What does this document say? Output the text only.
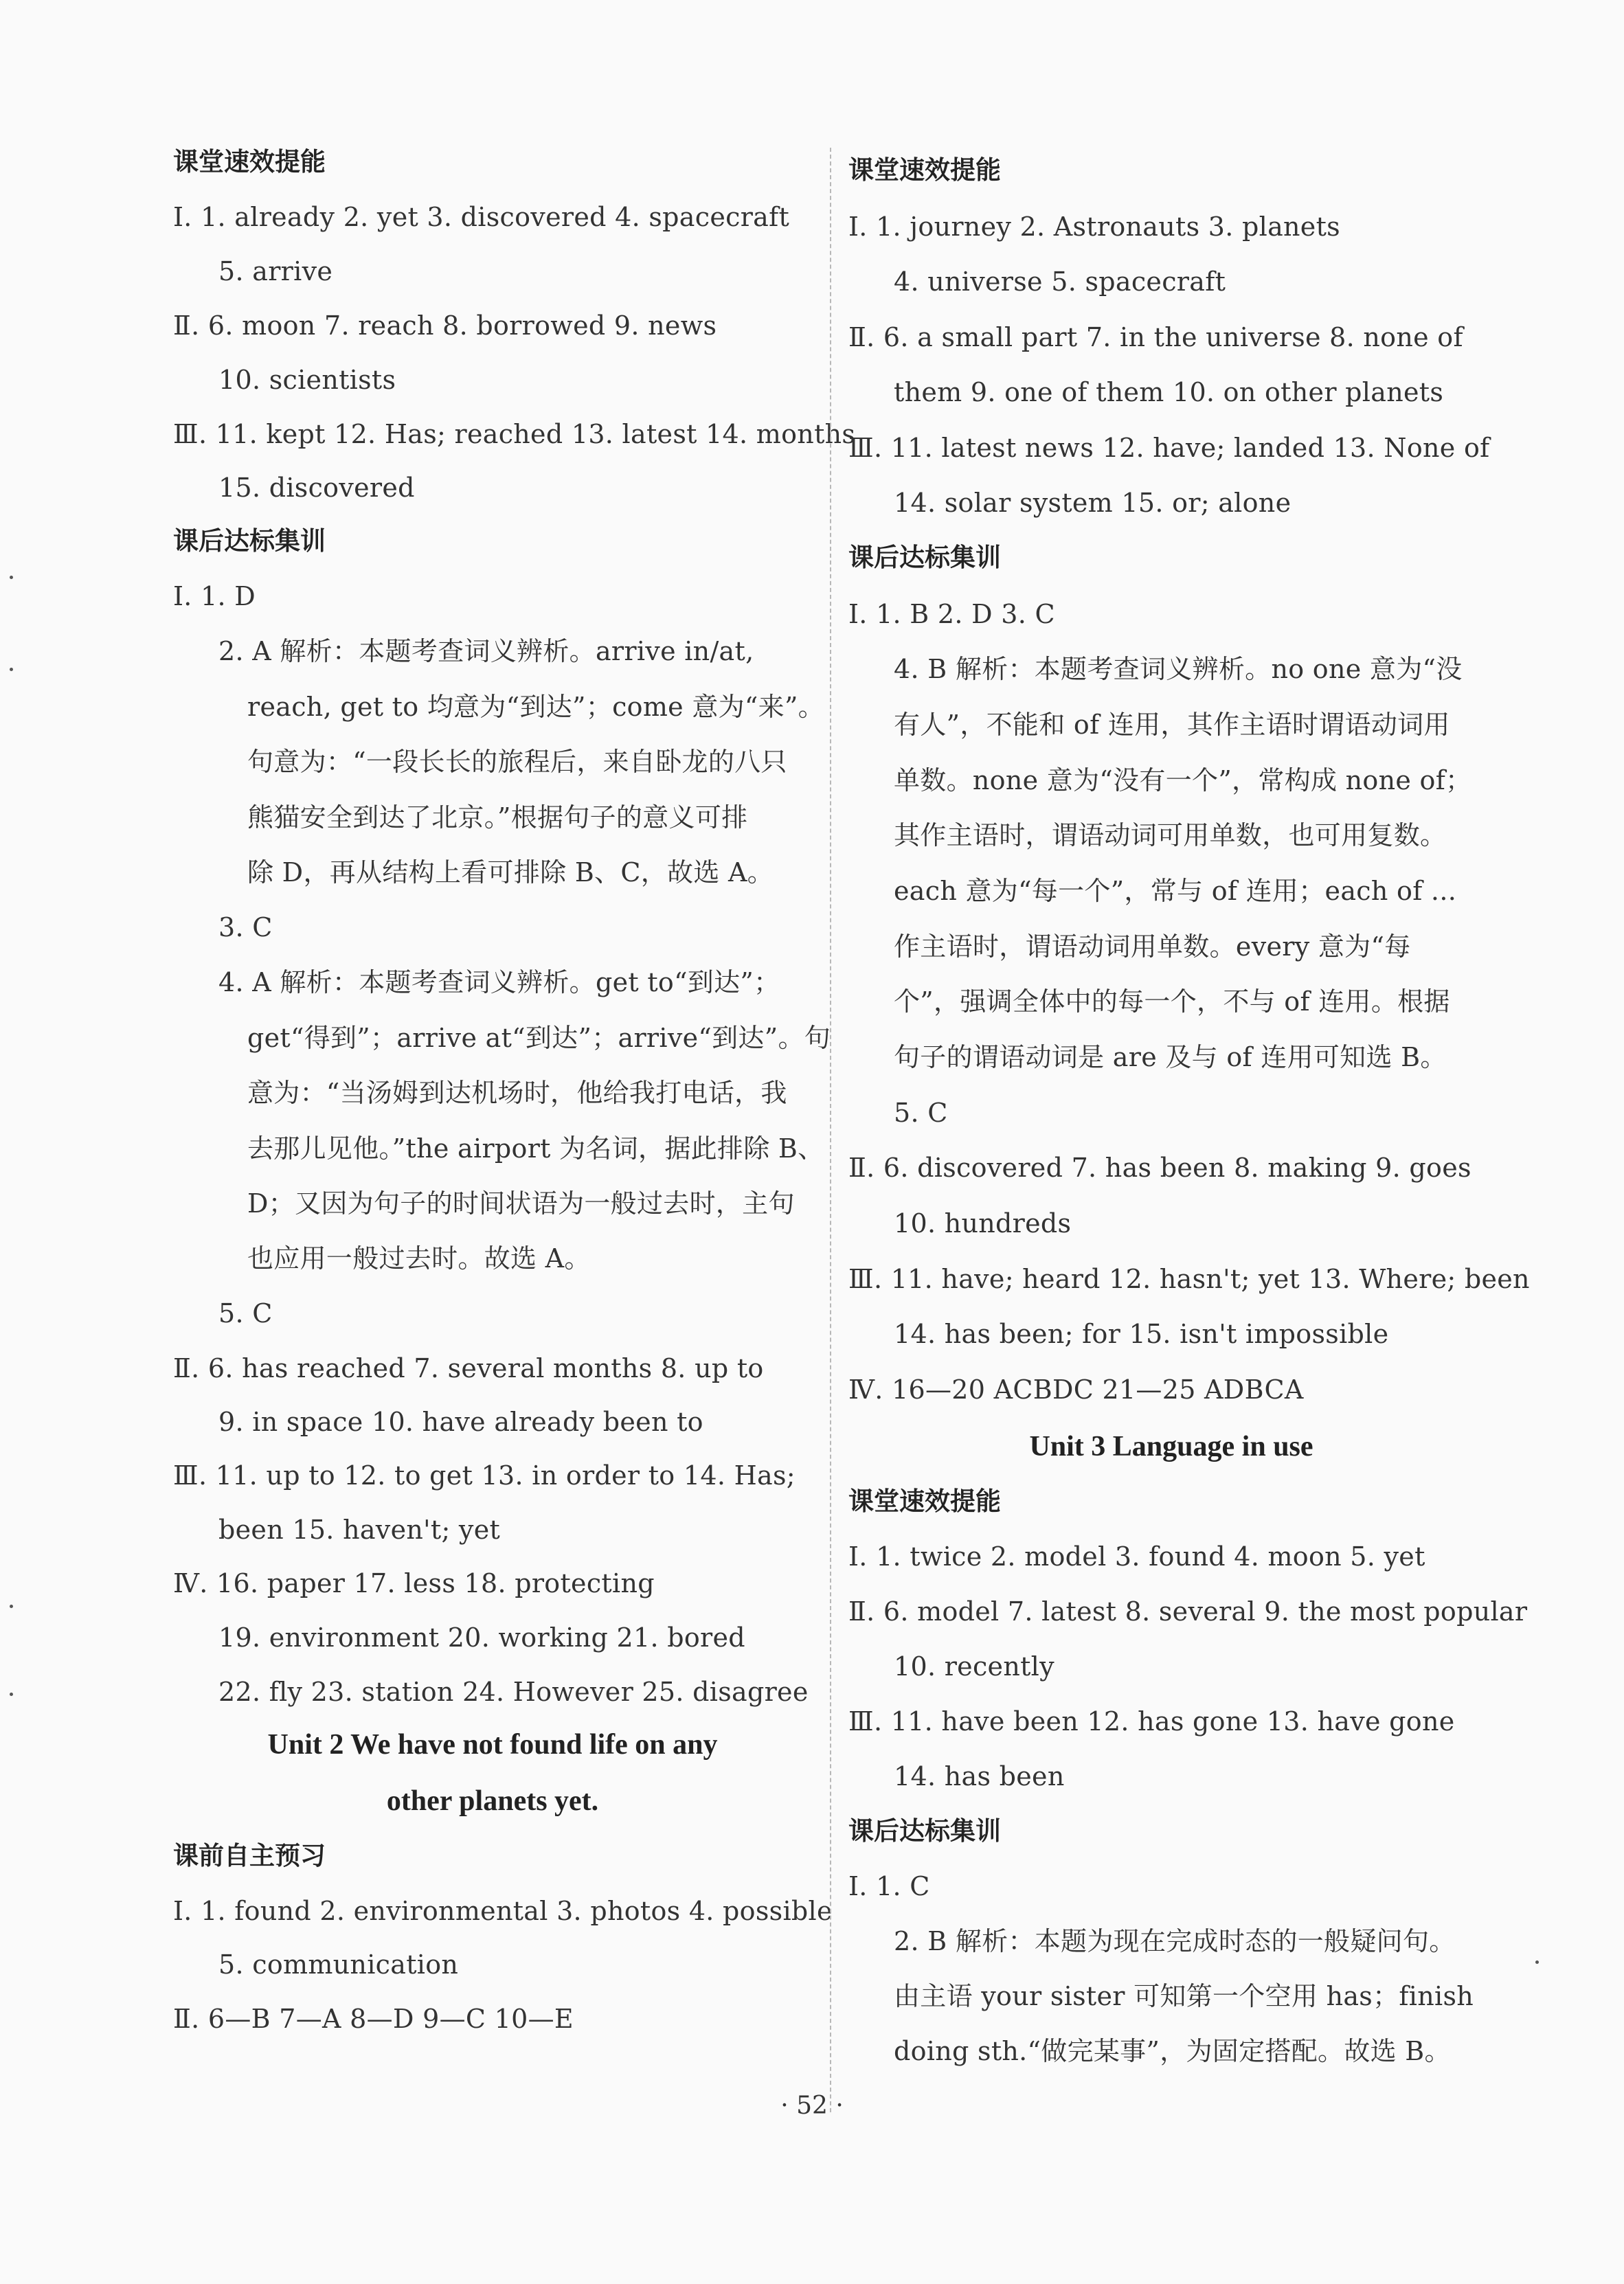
课堂速效提能
Ⅰ. 1. already 2. yet 3. discovered 4. spacecraft
5. arrive
Ⅱ. 6. moon 7. reach 8. borrowed 9. news
10. scientists
Ⅲ. 11. kept 12. Has; reached 13. latest 14. months
15. discovered
课后达标集训
Ⅰ. 1. D
2. A 解析：本题考查词义辨析。arrive in/at,
reach, get to 均意为“到达”；come 意为“来”。
句意为：“一段长长的旅程后，来自卧龙的八只
熊猫安全到达了北京。”根据句子的意义可排
除 D，再从结构上看可排除 B、C，故选 A。
3. C
4. A 解析：本题考查词义辨析。get to“到达”；
get“得到”；arrive at“到达”；arrive“到达”。句
意为：“当汤姆到达机场时，他给我打电话，我
去那儿见他。”the airport 为名词，据此排除 B、
D；又因为句子的时间状语为一般过去时，主句
也应用一般过去时。故选 A。
5. C
Ⅱ. 6. has reached 7. several months 8. up to
9. in space 10. have already been to
Ⅲ. 11. up to 12. to get 13. in order to 14. Has;
been 15. haven't; yet
Ⅳ. 16. paper 17. less 18. protecting
19. environment 20. working 21. bored
22. fly 23. station 24. However 25. disagree
Unit 2 We have not found life on any
other planets yet.
课前自主预习
Ⅰ. 1. found 2. environmental 3. photos 4. possible
5. communication
Ⅱ. 6—B 7—A 8—D 9—C 10—E
课堂速效提能
Ⅰ. 1. journey 2. Astronauts 3. planets
4. universe 5. spacecraft
Ⅱ. 6. a small part 7. in the universe 8. none of
them 9. one of them 10. on other planets
Ⅲ. 11. latest news 12. have; landed 13. None of
14. solar system 15. or; alone
课后达标集训
Ⅰ. 1. B 2. D 3. C
4. B 解析：本题考查词义辨析。no one 意为“没
有人”，不能和 of 连用，其作主语时谓语动词用
单数。none 意为“没有一个”，常构成 none of；
其作主语时，谓语动词可用单数，也可用复数。
each 意为“每一个”，常与 of 连用；each of ...
作主语时，谓语动词用单数。every 意为“每
个”，强调全体中的每一个，不与 of 连用。根据
句子的谓语动词是 are 及与 of 连用可知选 B。
5. C
Ⅱ. 6. discovered 7. has been 8. making 9. goes
10. hundreds
Ⅲ. 11. have; heard 12. hasn't; yet 13. Where; been
14. has been; for 15. isn't impossible
Ⅳ. 16—20 ACBDC 21—25 ADBCA
Unit 3 Language in use
课堂速效提能
Ⅰ. 1. twice 2. model 3. found 4. moon 5. yet
Ⅱ. 6. model 7. latest 8. several 9. the most popular
10. recently
Ⅲ. 11. have been 12. has gone 13. have gone
14. has been
课后达标集训
Ⅰ. 1. C
2. B 解析：本题为现在完成时态的一般疑问句。
由主语 your sister 可知第一个空用 has；finish
doing sth.“做完某事”，为固定搭配。故选 B。
· 52 ·
